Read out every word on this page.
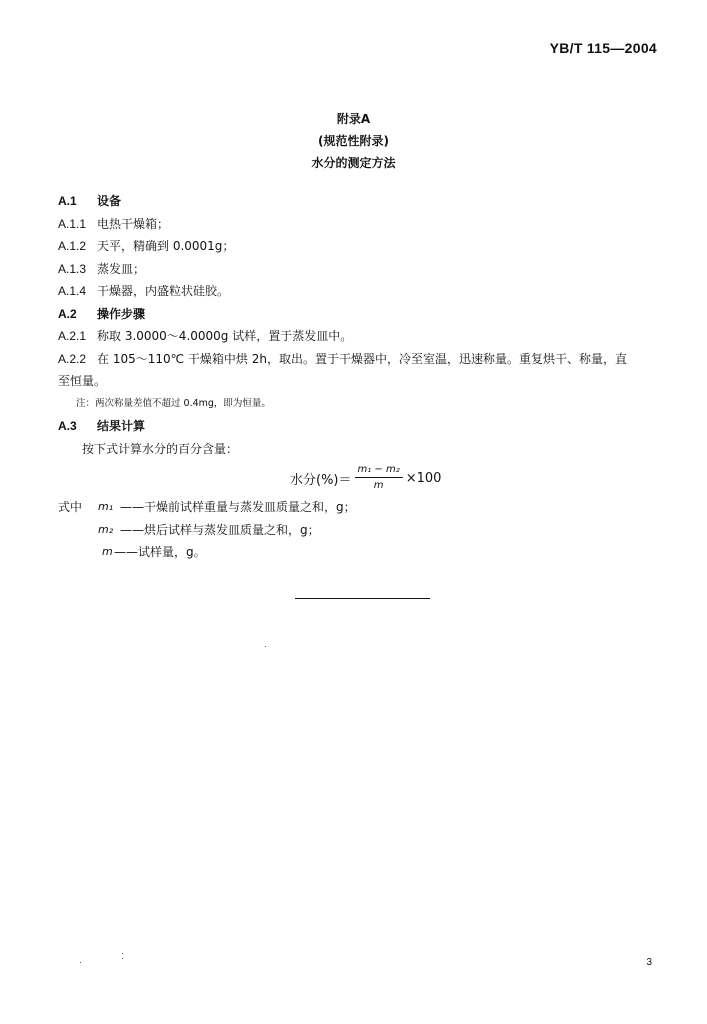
YB/T 115—2004
附录A
(规范性附录)
水分的测定方法
A.1 设备
A.1.1 电热干燥箱；
A.1.2 天平，精确到 0.0001g；
A.1.3 蒸发皿；
A.1.4 干燥器，内盛粒状硅胶。
A.2 操作步骤
A.2.1 称取 3.0000～4.0000g 试样，置于蒸发皿中。
A.2.2 在 105～110℃ 干燥箱中烘 2h，取出。置于干燥器中，冷至室温，迅速称量。重复烘干、称量，直
至恒量。
注：两次称量差值不超过 0.4mg，即为恒量。
A.3 结果计算
按下式计算水分的百分含量：
水分(%)＝ $\frac{\text{m₁ − m₂}}{m} \times 100$
式中 m₁ ——干燥前试样重量与蒸发皿质量之和，g；
m₂ ——烘后试样与蒸发皿质量之和，g；
m ——试样量，g。
3
